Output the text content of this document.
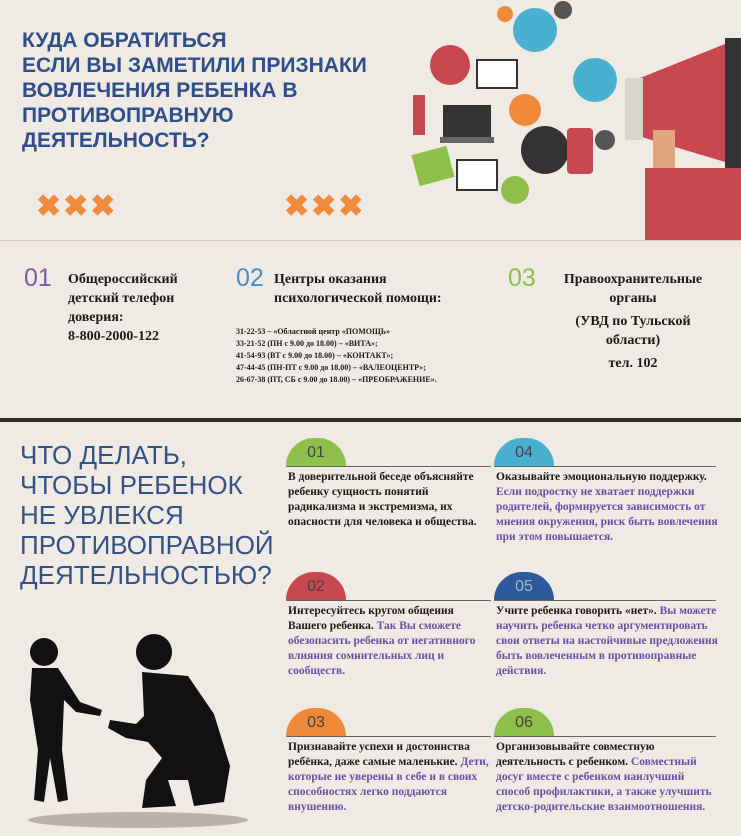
КУДА ОБРАТИТЬСЯ
ЕСЛИ ВЫ ЗАМЕТИЛИ ПРИЗНАКИ
ВОВЛЕЧЕНИЯ РЕБЕНКА В
ПРОТИВОПРАВНУЮ
ДЕЯТЕЛЬНОСТЬ?
✖✖✖	✖✖✖
01 Общероссийский
детский телефон
доверия:
8-800-2000-122
02 Центры оказания
психологической помощи:
31-22-53 – «Областной центр «ПОМОЩЬ»
33-21-52 (ПН с 9.00 до 18.00) – «ВИТА»;
41-54-93 (ВТ с 9.00 до 18.00) – «КОНТАКТ»;
47-44-45 (ПН-ПТ с 9.00 до 18.00) – «ВАЛЕОЦЕНТР»;
26-67-38 (ПТ, СБ с 9.00 до 18.00) – «ПРЕОБРАЖЕНИЕ».
03	Правоохранительные
органы
(УВД по Тульской
области)
тел. 102
ЧТО ДЕЛАТЬ,
ЧТОБЫ РЕБЕНОК
НЕ УВЛЕКСЯ
ПРОТИВОПРАВНОЙ
ДЕЯТЕЛЬНОСТЬЮ?
01
В доверительной беседе объясняйте ребенку сущность понятий радикализма и экстремизма, их опасности для человека и общества.
02
Интересуйтесь кругом общения Вашего ребенка. Так Вы сможете обезопасить ребенка от негативного влияния сомнительных лиц и сообществ.
03
Признавайте успехи и достоинства ребёнка, даже самые маленькие. Дети, которые не уверены в себе и в своих способностях легко поддаются внушению.
04
Оказывайте эмоциональную поддержку. Если подростку не хватает поддержки родителей, формируется зависимость от мнения окружения, риск быть вовлечения при этом повышается.
05
Учите ребенка говорить «нет». Вы можете научить ребенка четко аргументировать свои ответы на настойчивые предложения быть вовлеченным в противоправные действия.
06
Организовывайте совместную деятельность с ребенком. Совместный досуг вместе с ребенком наилучший способ профилактики, а также улучшить детско-родительские взаимоотношения.
